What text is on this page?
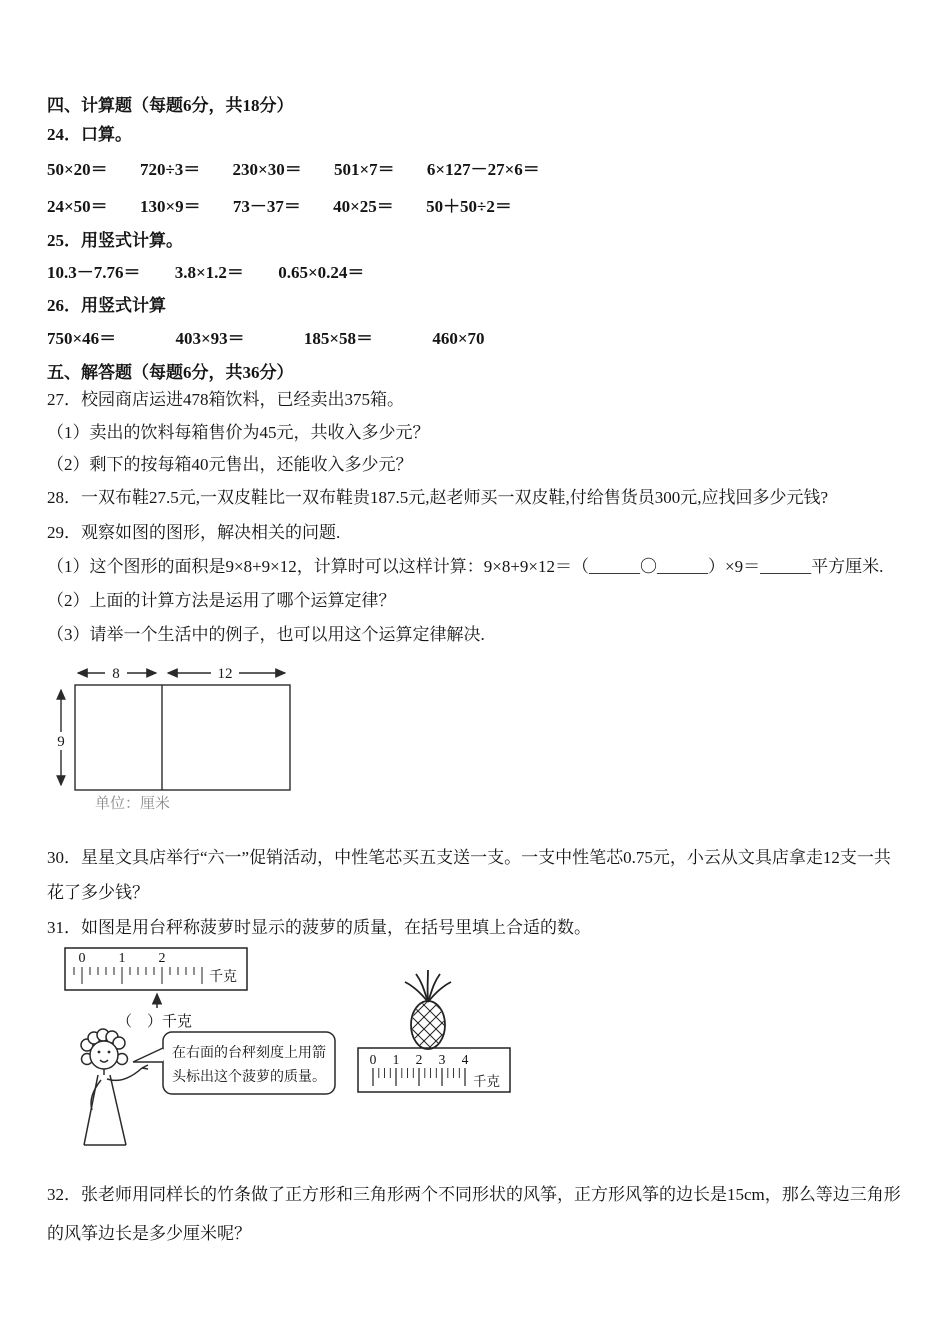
四、计算题（每题6分，共18分）
24．口算。
50×20＝ 720÷3＝ 230×30＝ 501×7＝ 6×127－27×6＝
24×50＝ 130×9＝ 73－37＝ 40×25＝ 50＋50÷2＝
25．用竖式计算。
10.3－7.76＝ 3.8×1.2＝ 0.65×0.24＝
26．用竖式计算
750×46＝	403×93＝	185×58＝	460×70
五、解答题（每题6分，共36分）
27．校园商店运进478箱饮料，已经卖出375箱。
（1）卖出的饮料每箱售价为45元，共收入多少元？
（2）剩下的按每箱40元售出，还能收入多少元？
28．一双布鞋27.5元,一双皮鞋比一双布鞋贵187.5元,赵老师买一双皮鞋,付给售货员300元,应找回多少元钱?
29．观察如图的图形，解决相关的问题.
（1）这个图形的面积是9×8+9×12，计算时可以这样计算：9×8+9×12＝（______〇______）×9＝______平方厘米.
（2）上面的计算方法是运用了哪个运算定律？
（3）请举一个生活中的例子，也可以用这个运算定律解决.
8	12
9
单位：厘米
30．星星文具店举行“六一”促销活动，中性笔芯买五支送一支。一支中性笔芯0.75元，小云从文具店拿走12支一共
花了多少钱？
31．如图是用台秤称菠萝时显示的菠萝的质量，在括号里填上合适的数。
0 1 2
千克
（　）千克
在右面的台秤刻度上用箭
头标出这个菠萝的质量。
0 1 2 3 4
千克
32．张老师用同样长的竹条做了正方形和三角形两个不同形状的风筝，正方形风筝的边长是15cm，那么等边三角形
的风筝边长是多少厘米呢？
